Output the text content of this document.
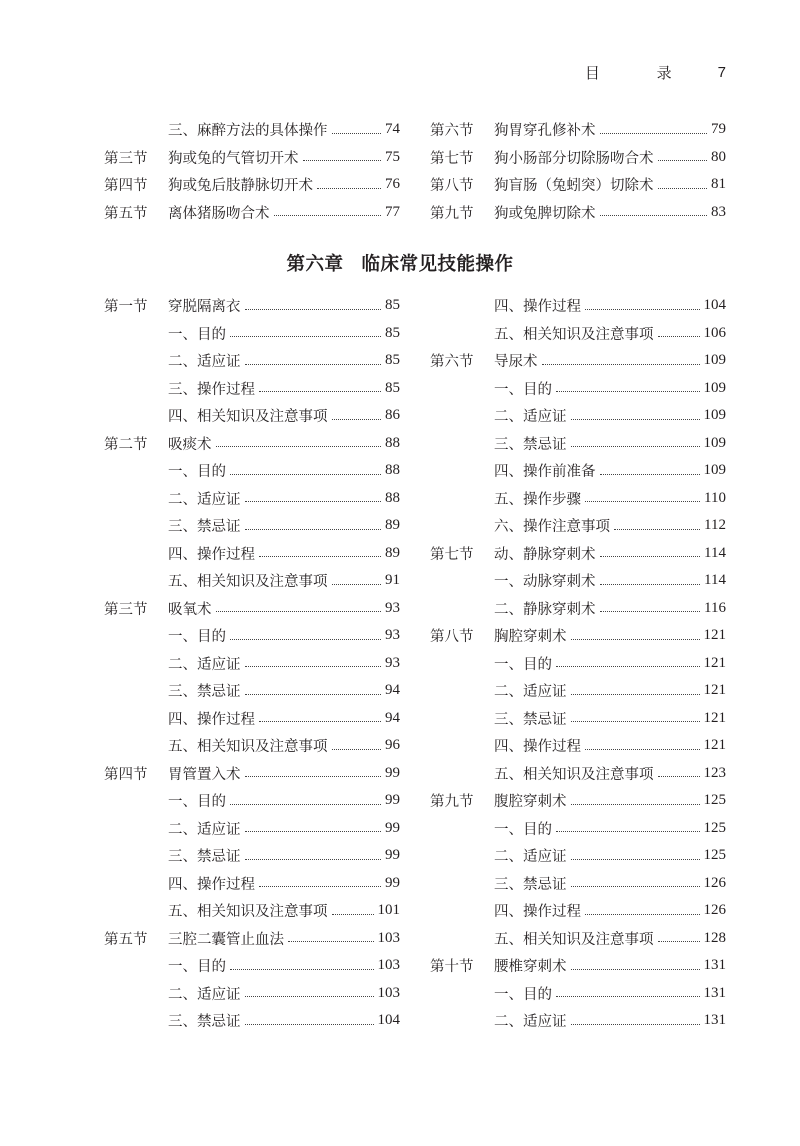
目 录 7
三、麻醉方法的具体操作	74
第三节	狗或兔的气管切开术	75
第四节	狗或兔后肢静脉切开术	76
第五节	离体猪肠吻合术	77
第六节	狗胃穿孔修补术	79
第七节	狗小肠部分切除肠吻合术	80
第八节	狗盲肠（兔蚓突）切除术	81
第九节	狗或兔脾切除术	83
第六章 临床常见技能操作
第一节	穿脱隔离衣	85
一、目的	85
二、适应证	85
三、操作过程	85
四、相关知识及注意事项	86
第二节	吸痰术	88
一、目的	88
二、适应证	88
三、禁忌证	89
四、操作过程	89
五、相关知识及注意事项	91
第三节	吸氧术	93
一、目的	93
二、适应证	93
三、禁忌证	94
四、操作过程	94
五、相关知识及注意事项	96
第四节	胃管置入术	99
一、目的	99
二、适应证	99
三、禁忌证	99
四、操作过程	99
五、相关知识及注意事项	101
第五节	三腔二囊管止血法	103
一、目的	103
二、适应证	103
三、禁忌证	104
四、操作过程	104
五、相关知识及注意事项	106
第六节	导尿术	109
一、目的	109
二、适应证	109
三、禁忌证	109
四、操作前准备	109
五、操作步骤	110
六、操作注意事项	112
第七节	动、静脉穿刺术	114
一、动脉穿刺术	114
二、静脉穿刺术	116
第八节	胸腔穿刺术	121
一、目的	121
二、适应证	121
三、禁忌证	121
四、操作过程	121
五、相关知识及注意事项	123
第九节	腹腔穿刺术	125
一、目的	125
二、适应证	125
三、禁忌证	126
四、操作过程	126
五、相关知识及注意事项	128
第十节	腰椎穿刺术	131
一、目的	131
二、适应证	131
